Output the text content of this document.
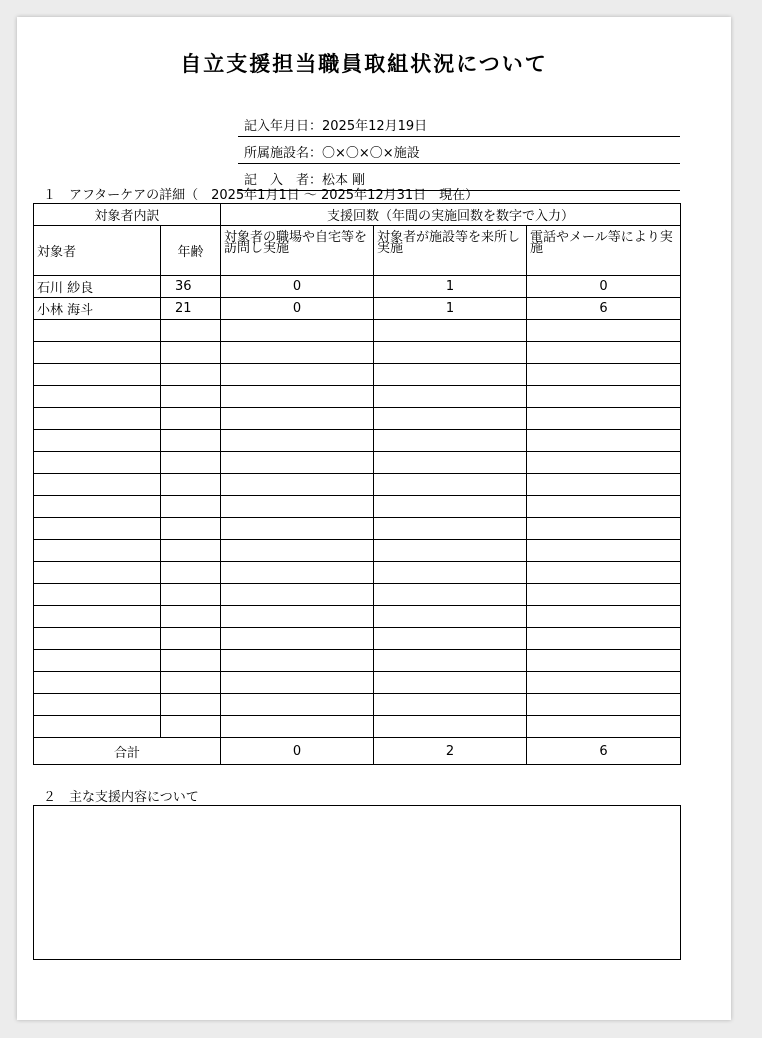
自立支援担当職員取組状況について
記入年月日： 2025年12月19日
所属施設名： 〇×〇×〇×施設
記　入　者： 松本 剛
１　アフターケアの詳細（　2025年1月1日 ～ 2025年12月31日　現在）
対象者内訳		支援回数（年間の実施回数を数字で入力）		
対象者	年齢	対象者の職場や自宅等を訪問し実施	対象者が施設等を来所し実施	電話やメール等により実施
石川 紗良	36	0	1	0
小林 海斗	21	0	1	6

合計		0	2	6
２　主な支援内容について
